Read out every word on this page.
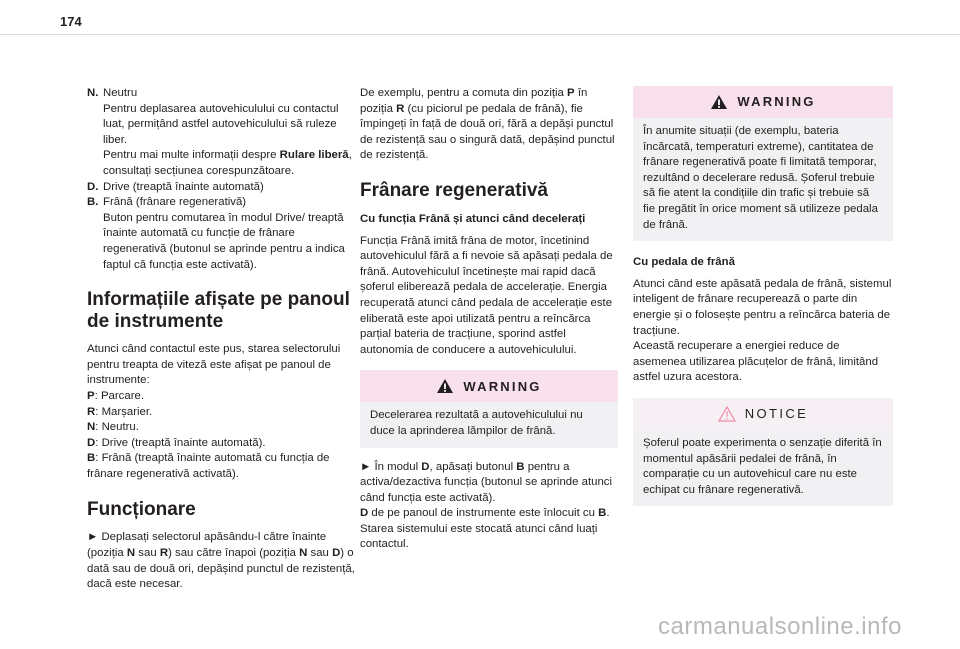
174
N. Neutru

Pentru deplasarea autovehiculului cu contactul luat, permițând astfel autovehiculului să ruleze liber.

Pentru mai multe informații despre Rulare liberă, consultați secțiunea corespunzătoare.

D. Drive (treaptă înainte automată)
B. Frână (frânare regenerativă)

Buton pentru comutarea în modul Drive/ treaptă înainte automată cu funcție de frânare regenerativă (butonul se aprinde pentru a indica faptul că funcția este activată).

Informațiile afișate pe panoul de instrumente

Atunci când contactul este pus, starea selectorului pentru treapta de viteză este afișat pe panoul de instrumente:

P: Parcare.

R: Marșarier.

N: Neutru.

D: Drive (treaptă înainte automată).

B: Frână (treaptă înainte automată cu funcția de frânare regenerativă activată).

Funcționare

► Deplasați selectorul apăsându-l către înainte (poziția N sau R) sau către înapoi (poziția N sau D) o dată sau de două ori, depășind punctul de rezistență, dacă este necesar.

De exemplu, pentru a comuta din poziția P în poziția R (cu piciorul pe pedala de frână), fie împingeți în față de două ori, fără a depăși punctul de rezistență sau o singură dată, depășind punctul de rezistență.

Frânare regenerativă
Cu funcția Frână și atunci când decelerați

Funcția Frână imită frâna de motor, încetinind autovehiculul fără a fi nevoie să apăsați pedala de frână. Autovehiculul încetinește mai rapid dacă șoferul eliberează pedala de accelerație. Energia recuperată atunci când pedala de accelerație este eliberată este apoi utilizată pentru a reîncărca parțial bateria de tracțiune, sporind astfel autonomia de conducere a autovehiculului.

WARNING
Decelerarea rezultată a autovehiculului nu duce la aprinderea lămpilor de frână.

► În modul D, apăsați butonul B pentru a activa/dezactiva funcția (butonul se aprinde atunci când funcția este activată).

D de pe panoul de instrumente este înlocuit cu B.

Starea sistemului este stocată atunci când luați contactul.

WARNING
În anumite situații (de exemplu, bateria încărcată, temperaturi extreme), cantitatea de frânare regenerativă poate fi limitată temporar, rezultând o decelerare redusă. Șoferul trebuie să fie atent la condițiile din trafic și trebuie să fie pregătit în orice moment să utilizeze pedala de frână.
Cu pedala de frână

Atunci când este apăsată pedala de frână, sistemul inteligent de frânare recuperează o parte din energie și o folosește pentru a reîncărca bateria de tracțiune.

Această recuperare a energiei reduce de asemenea utilizarea plăcuțelor de frână, limitând astfel uzura acestora.

NOTICE
Șoferul poate experimenta o senzație diferită în momentul apăsării pedalei de frână, în comparație cu un autovehicul care nu este echipat cu frânare regenerativă.
carmanualsonline.info
